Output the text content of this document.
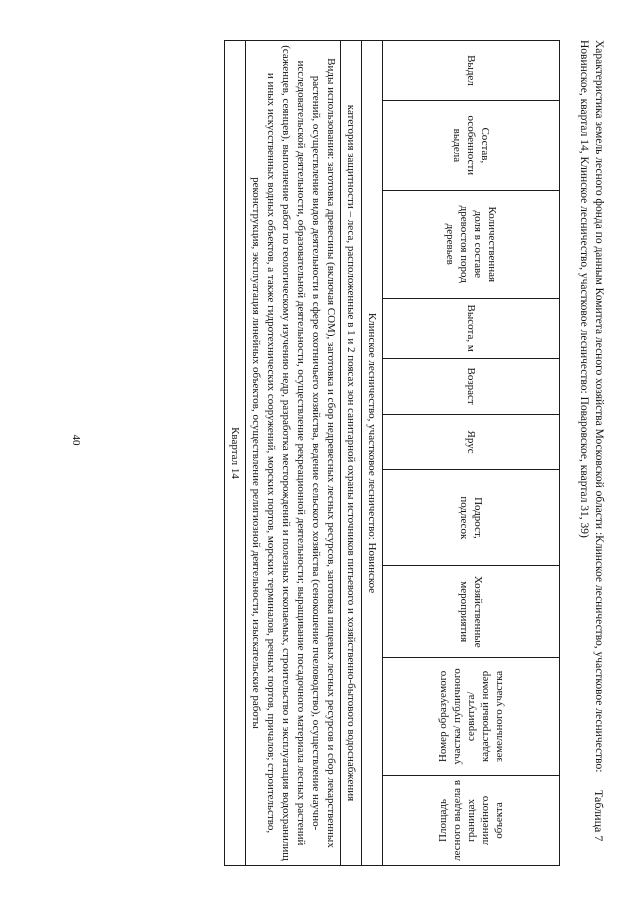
40	Характеристика земель лесного фонда по данным Комитета лесного хозяйства Московской области :Клинское лесничество, участковое лесничество: Новинское, квартал 14, Клинское лесничество, участковое лесничество: Поваровское, квартал 31, 39)
Таблица 7
Выдел	Состав, особенности выдела	Количественная доля в составе древостоя пород деревьев	Высота, м	Возраст	Ярус	Подрост, подлесок	Хозяйственные мероприятия	Номер образуемого участка/ публичного сервитута/ кадастровый номер земельного участка	Площадь лесного выдела в границах линейного объекта
Клинское лесничество, участковое лесничество: Новинское
категория защитности – леса, расположенные в 1 и 2 поясах зон санитарной охраны источников питьевого и хозяйственно-бытового водоснабжения
Виды использования: заготовка древесины (включая СОМ), заготовка и сбор недревесных лесных ресурсов, заготовка пищевых лесных ресурсов и сбор лекарственных растений, осуществление видов деятельности в сфере охотничьего хозяйства, ведение сельского хозяйства (сенокошение пчеловодство), осуществление научно-исследовательской деятельности, образовательной деятельности, осуществление рекреационной деятельности; выращивание посадочного материала лесных растений (саженцев, сеянцев), выполнение работ по геологическому изучению недр, разработка месторождений и полезных ископаемых, строительство и эксплуатация водохранилищ и иных искусственных водных объектов, а также гидротехнических сооружений, морских портов, морских терминалов, речных портов, причалов; строительство, реконструкция, эксплуатация линейных объектов, осуществление религиозной деятельности, изыскательские работы
Квартал 14
